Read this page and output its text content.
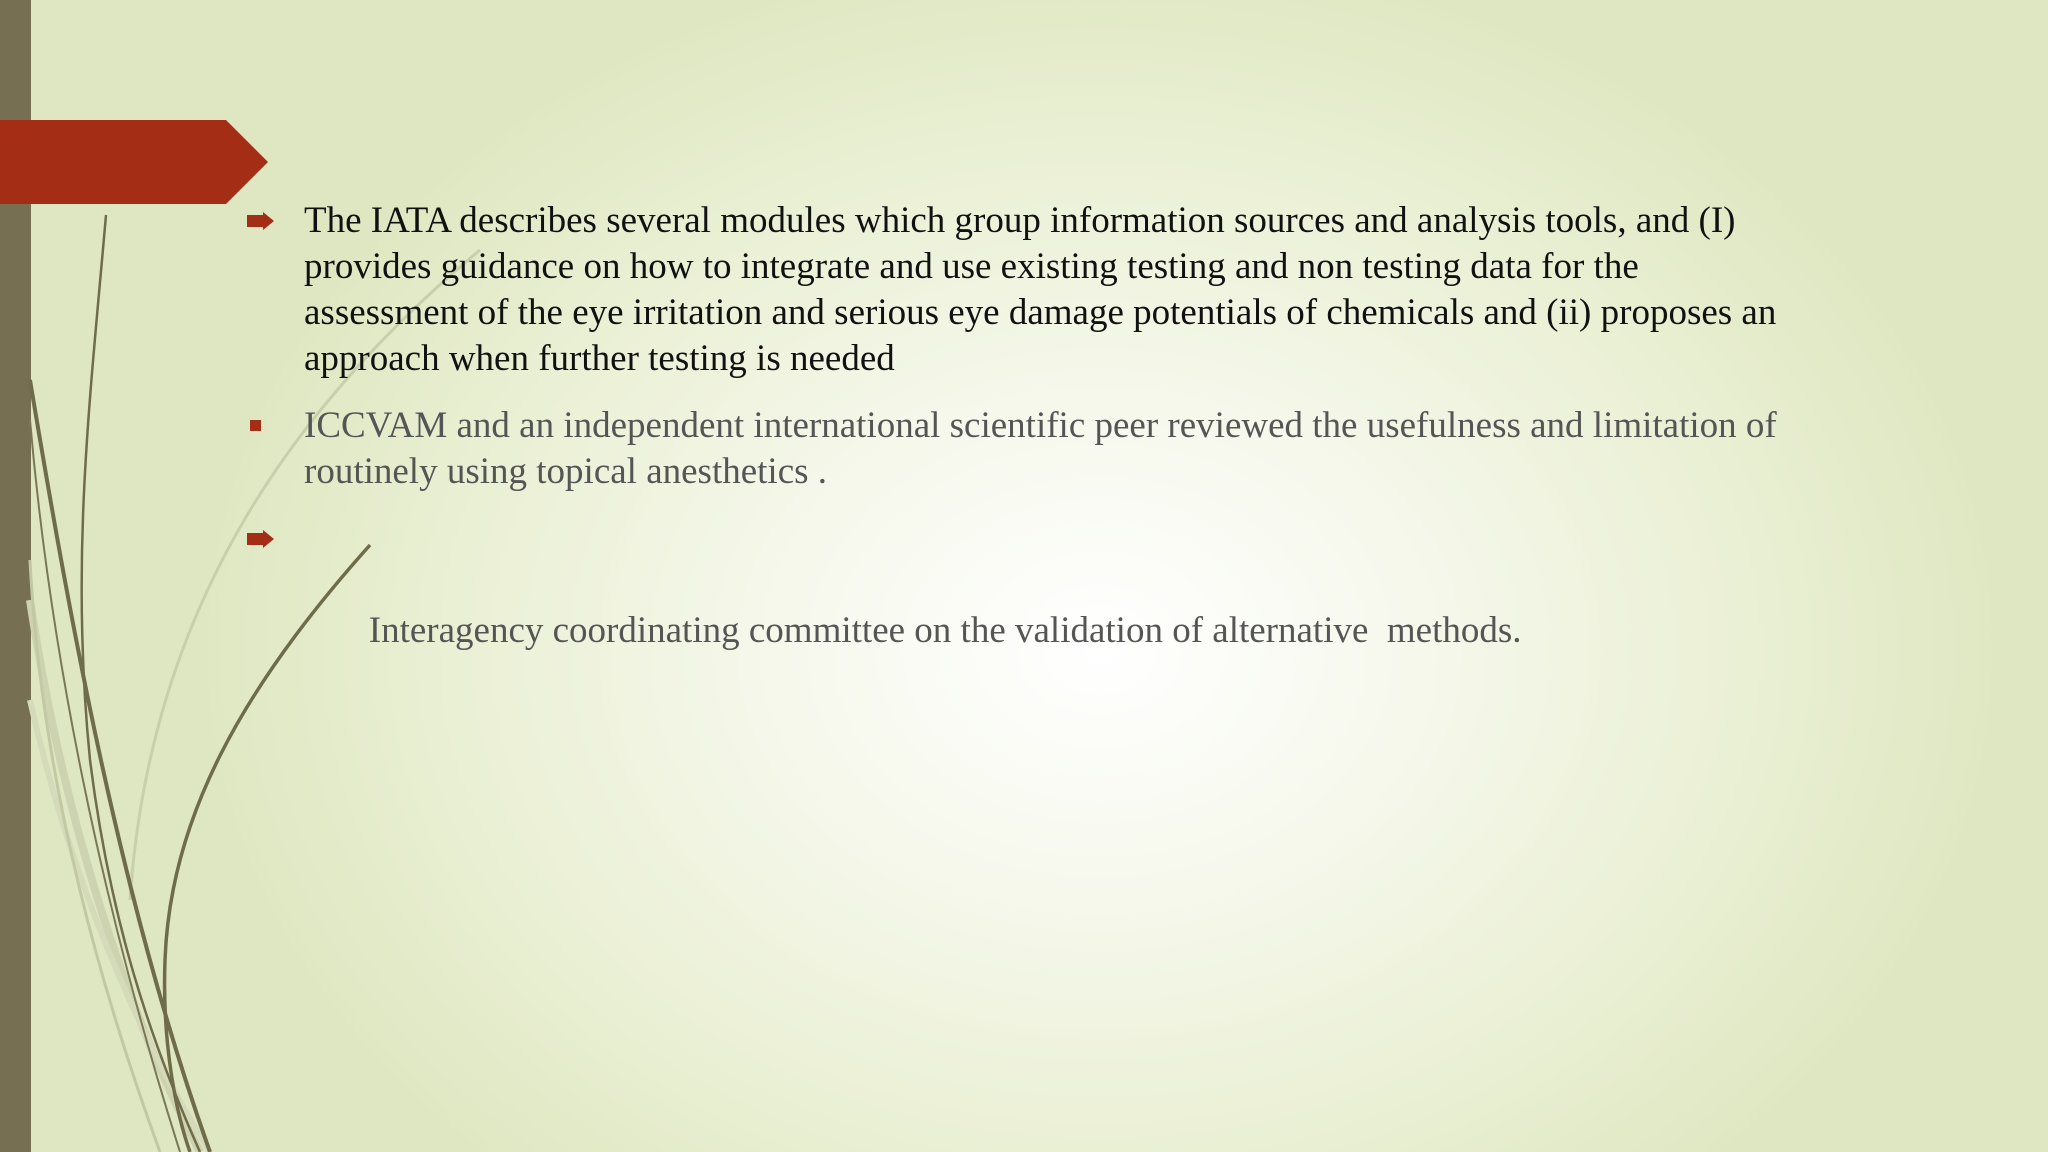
The IATA describes several modules which group information sources and analysis tools, and (I) provides guidance on how to integrate and use existing testing and non testing data for the assessment of the eye irritation and serious eye damage potentials of chemicals and (ii) proposes an approach when further testing is needed
ICCVAM and an independent international scientific peer reviewed the usefulness and limitation of routinely using topical anesthetics .

Interagency coordinating committee on the validation of alternative  methods.
